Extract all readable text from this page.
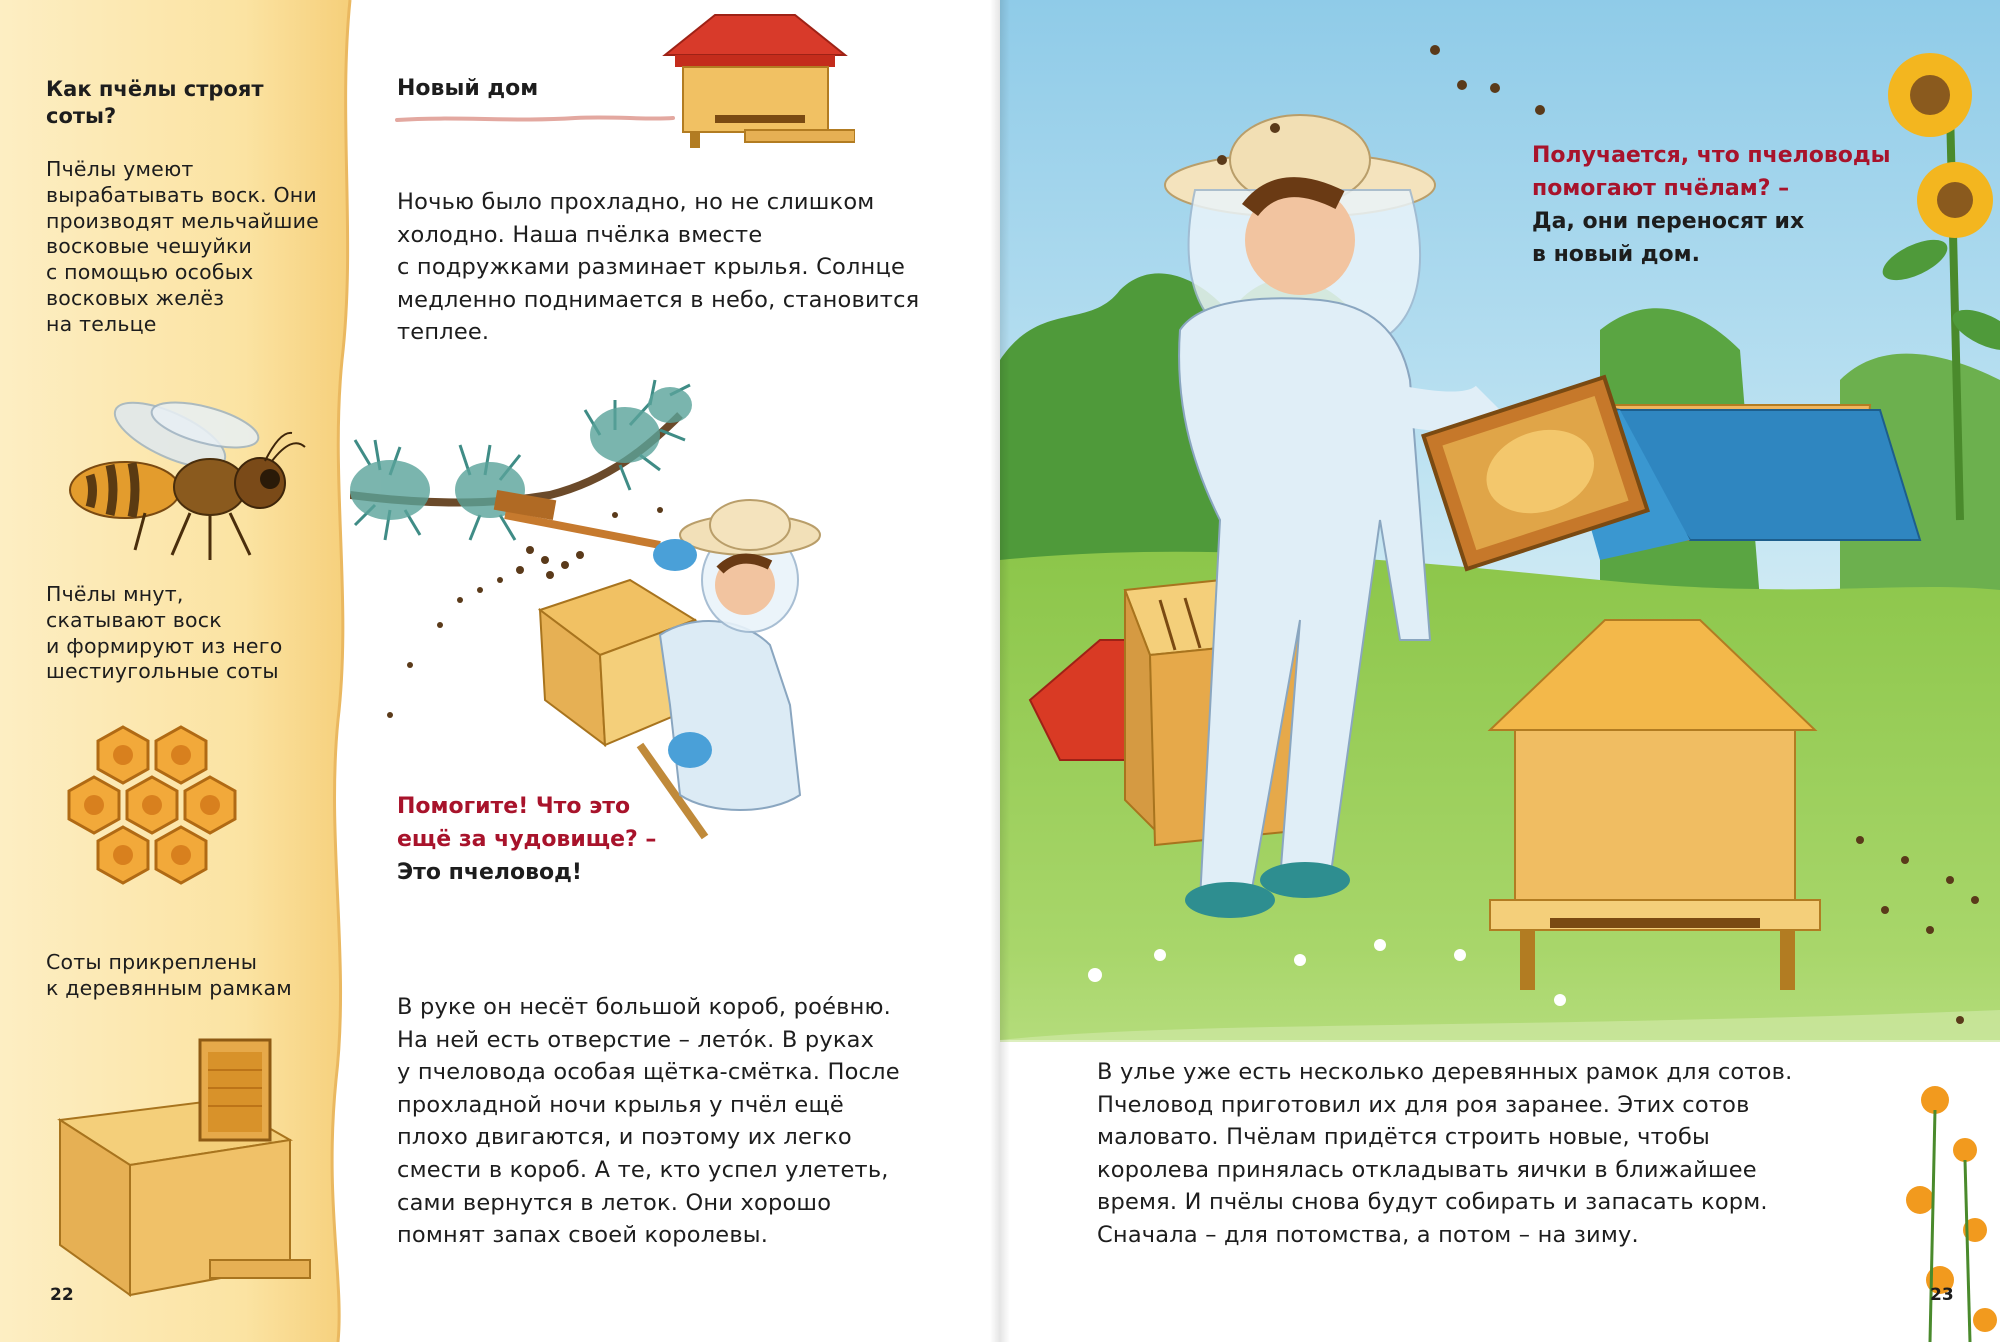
Как пчёлы строят соты?
Пчёлы умеют
вырабатывать воск. Они
производят мельчайшие
восковые чешуйки
с помощью особых
восковых желёз
на тельце
Пчёлы мнут,
скатывают воск
и формируют из него
шестиугольные соты
Соты прикреплены
к деревянным рамкам
22
Новый дом
Ночью было прохладно, но не слишком
холодно. Наша пчёлка вместе
с подружками разминает крылья. Солнце
медленно поднимается в небо, становится
теплее.
Помогите! Что это
ещё за чудовище? –
Это пчеловод!
В руке он несёт большой короб, роéвню.
На ней есть отверстие – летóк. В руках
у пчеловода особая щётка-смётка. После
прохладной ночи крылья у пчёл ещё
плохо двигаются, и поэтому их легко
смести в короб. А те, кто успел улететь,
сами вернутся в леток. Они хорошо
помнят запах своей королевы.
Получается, что пчеловоды
помогают пчёлам? –
Да, они переносят их
в новый дом.
В улье уже есть несколько деревянных рамок для сотов.
Пчеловод приготовил их для роя заранее. Этих сотов
маловато. Пчёлам придётся строить новые, чтобы
королева принялась откладывать яички в ближайшее
время. И пчёлы снова будут собирать и запасать корм.
Сначала – для потомства, а потом – на зиму.
23
